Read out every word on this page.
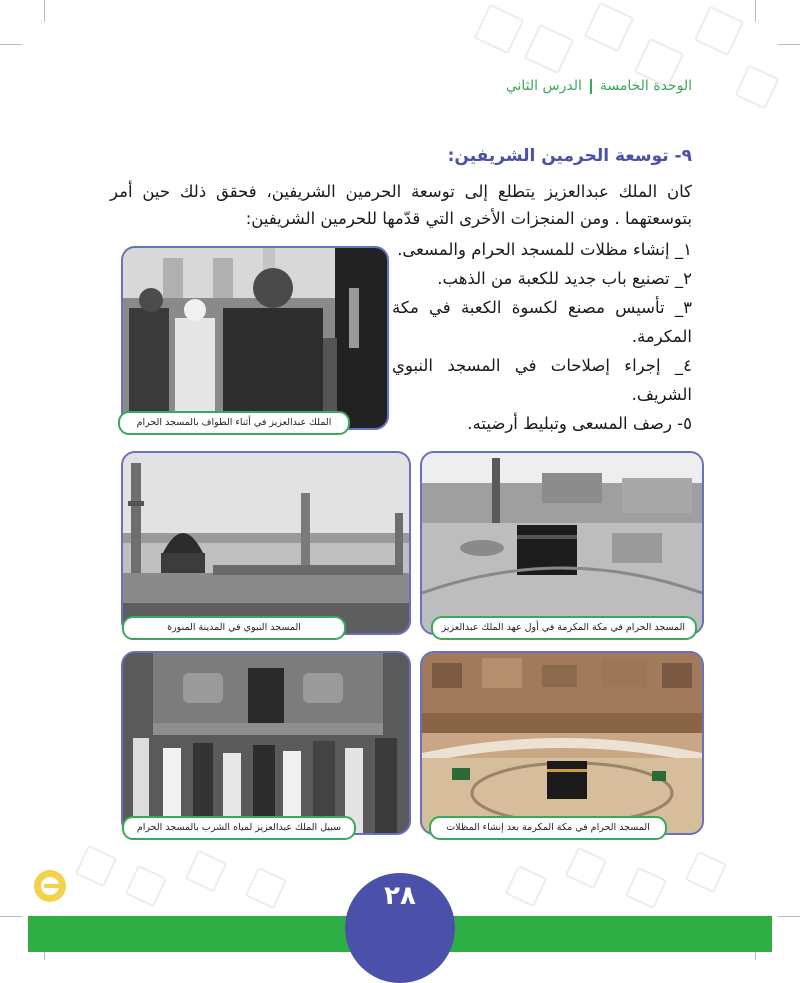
الوحدة الخامسةالدرس الثاني
٩- توسعة الحرمين الشريفين:
كان الملك عبدالعزيز يتطلع إلى توسعة الحرمين الشريفين، فحقق ذلك حين أمر بتوسعتهما . ومن المنجزات الأخرى التي قدّمها للحرمين الشريفين:
١_ إنشاء مظلات للمسجد الحرام والمسعى.
٢_ تصنيع باب جديد للكعبة من الذهب.
٣_ تأسيس مصنع لكسوة الكعبة في مكة المكرمة.
٤_ إجراء إصلاحات في المسجد النبوي الشريف.
٥- رصف المسعى وتبليط أرضيته.
الملك عبدالعزيز في أثناء الطواف بالمسجد الحرام
المسجد النبوي في المدينة المنورة	المسجد الحرام في مكة المكرمة في أول عهد الملك عبدالعزيز
سبيل الملك عبدالعزيز لمياه الشرب بالمسجد الحرام	المسجد الحرام في مكة المكرمة بعد إنشاء المظلات
٢٨
